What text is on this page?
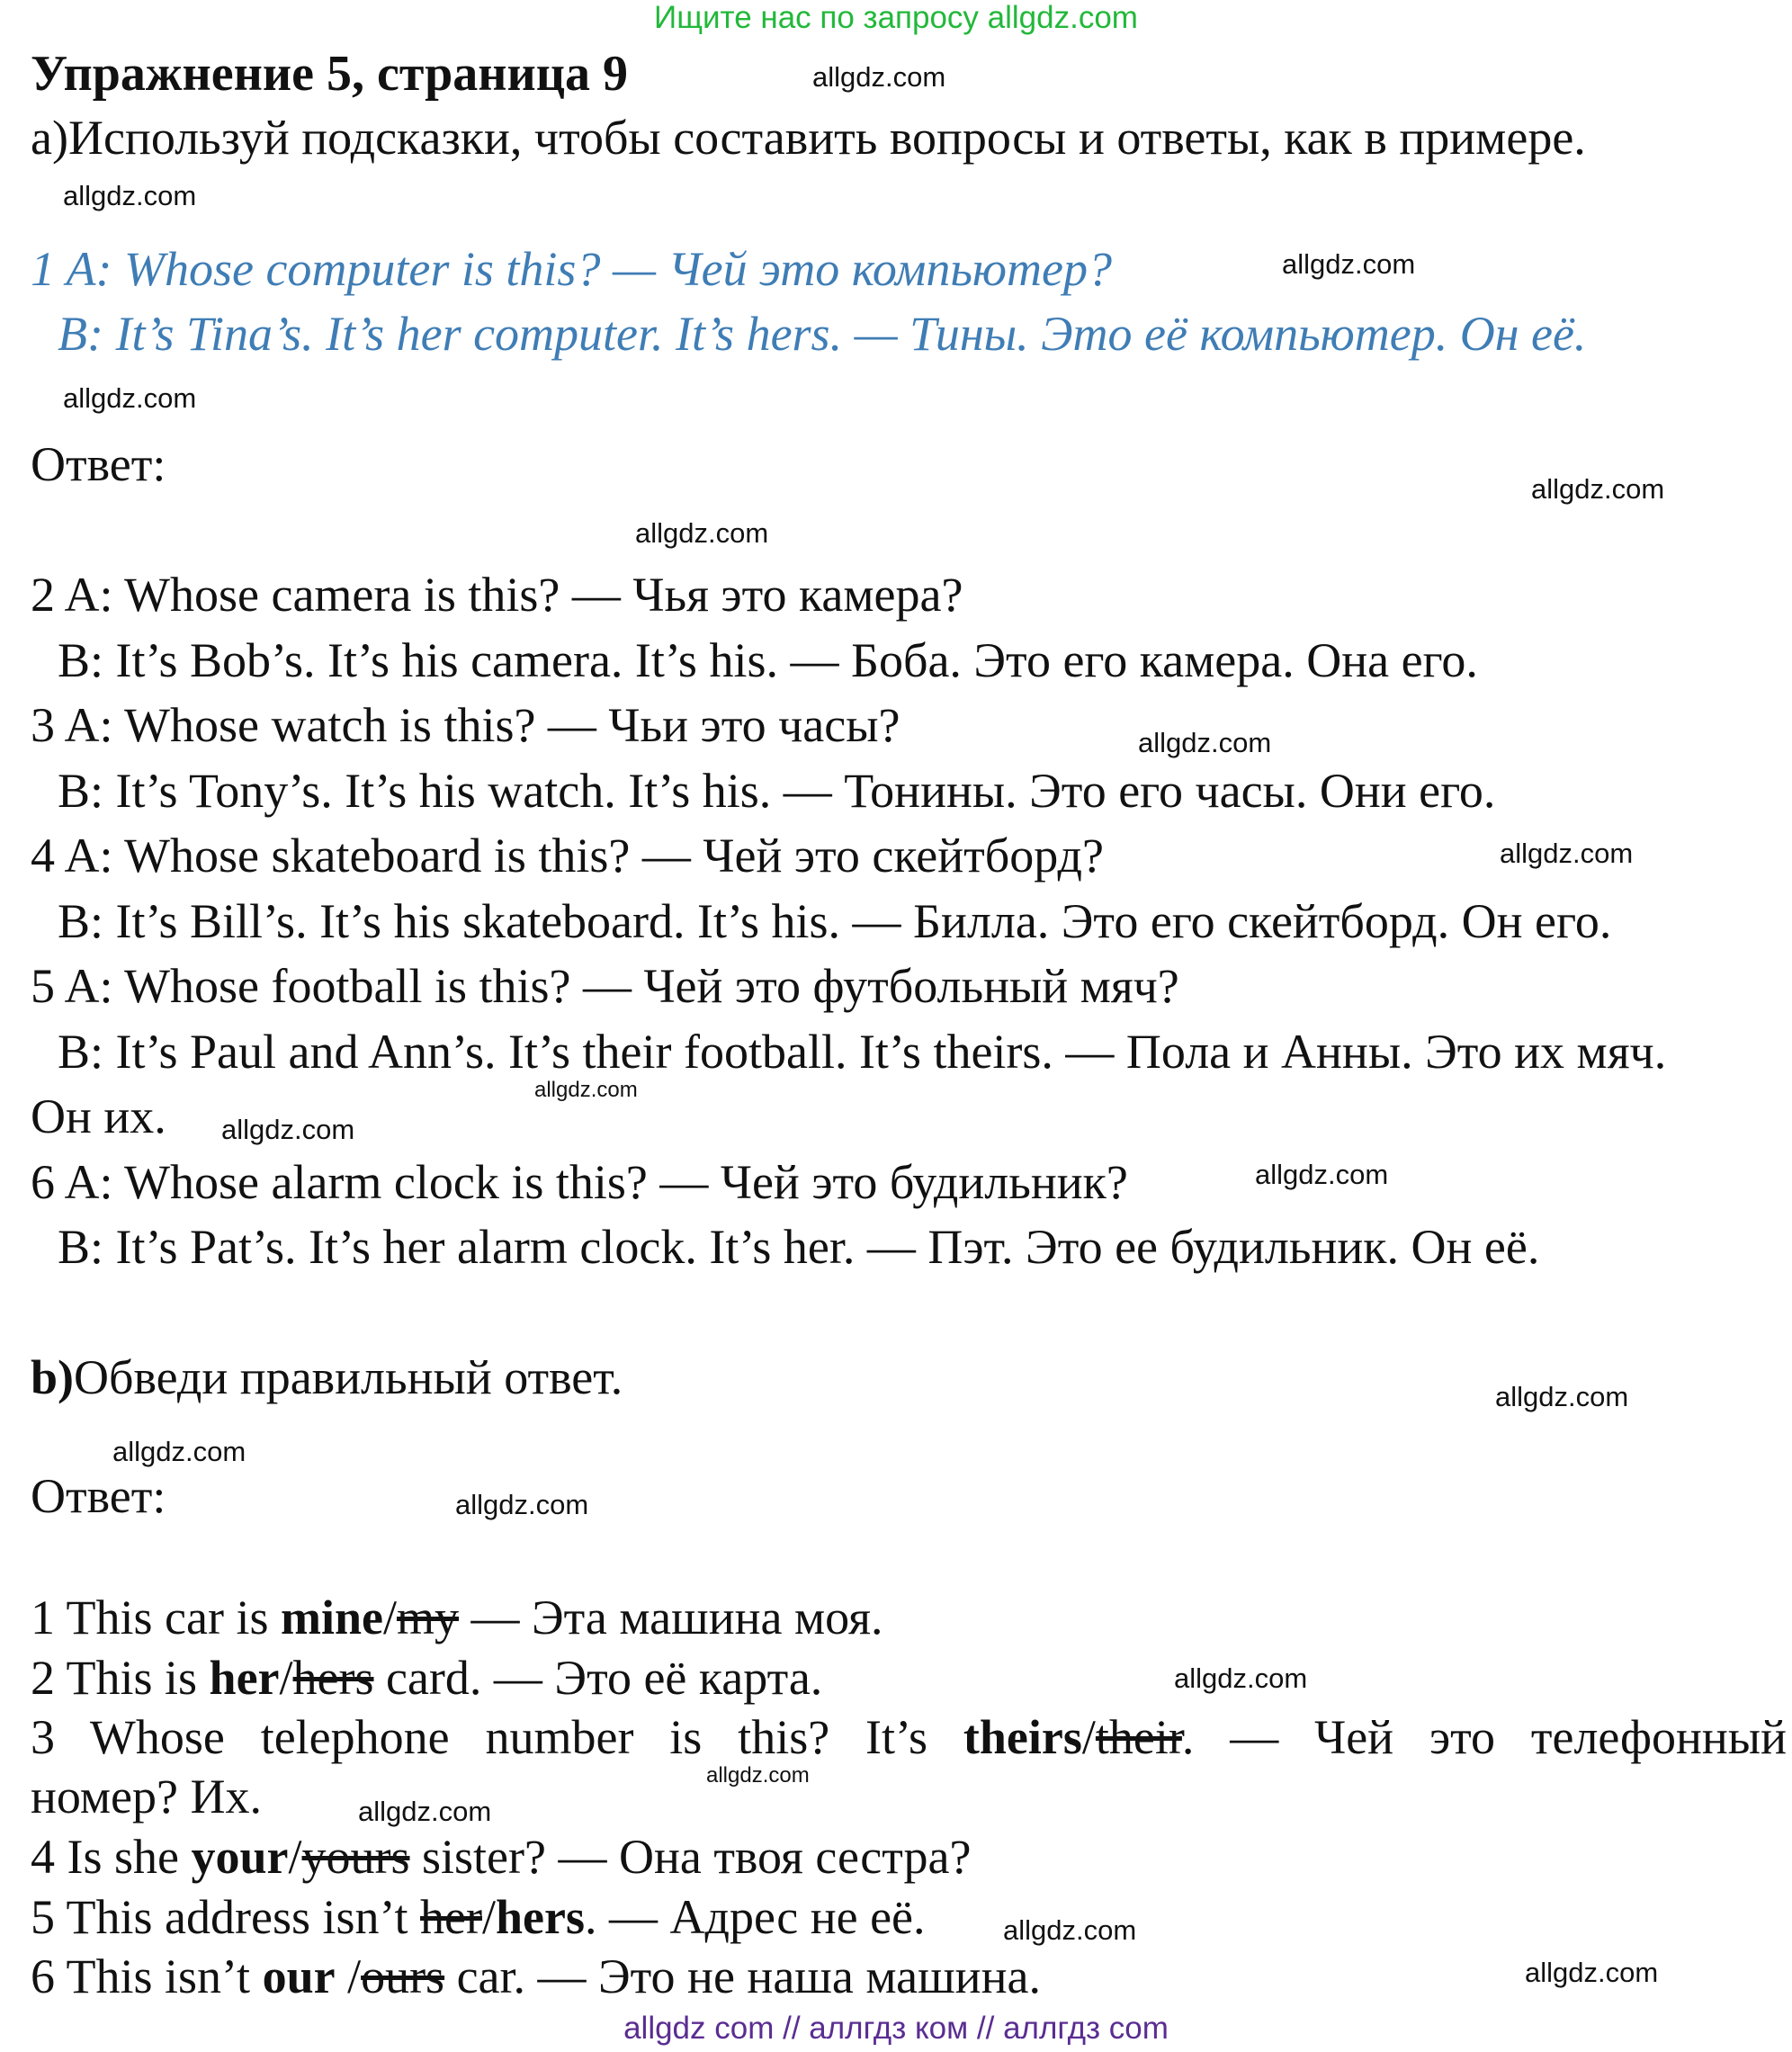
Ищите нас по запросу allgdz.com
Упражнение 5, страница 9
a)Используй подсказки, чтобы составить вопросы и ответы, как в примере.
1 A: Whose computer is this? — Чей это компьютер?
B: It’s Tina’s. It’s her computer. It’s hers. — Тины. Это её компьютер. Он её.
Ответ:
2 A: Whose camera is this? — Чья это камера?
B: It’s Bob’s. It’s his camera. It’s his. — Боба. Это его камера. Она его.
3 A: Whose watch is this? — Чьи это часы?
B: It’s Tony’s. It’s his watch. It’s his. — Тонины. Это его часы. Они его.
4 A: Whose skateboard is this? — Чей это скейтборд?
B: It’s Bill’s. It’s his skateboard. It’s his. — Билла. Это его скейтборд. Он его.
5 A: Whose football is this? — Чей это футбольный мяч?
B: It’s Paul and Ann’s. It’s their football. It’s theirs. — Пола и Анны. Это их мяч.
Он их.
6 A: Whose alarm clock is this? — Чей это будильник?
B: It’s Pat’s. It’s her alarm clock. It’s her. — Пэт. Это ее будильник. Он её.
b)Обведи правильный ответ.
Ответ:
1 This car is mine/my — Эта машина моя.
2 This is her/hers card. — Это её карта.
3 Whose telephone number is this? It’s theirs/their. — Чей это телефонный
номер? Их.
4 Is she your/yours sister? — Она твоя сестра?
5 This address isn’t her/hers. — Адрес не её.
6 This isn’t our /ours car. — Это не наша машина.
allgdz.com
allgdz.com
allgdz.com
allgdz.com
allgdz.com
allgdz.com
allgdz.com
allgdz.com
allgdz.com
allgdz.com
allgdz.com
allgdz.com
allgdz.com
allgdz.com
allgdz.com
allgdz.com
allgdz.com
allgdz.com
allgdz.com
allgdz com // аллгдз ком // аллгдз com
